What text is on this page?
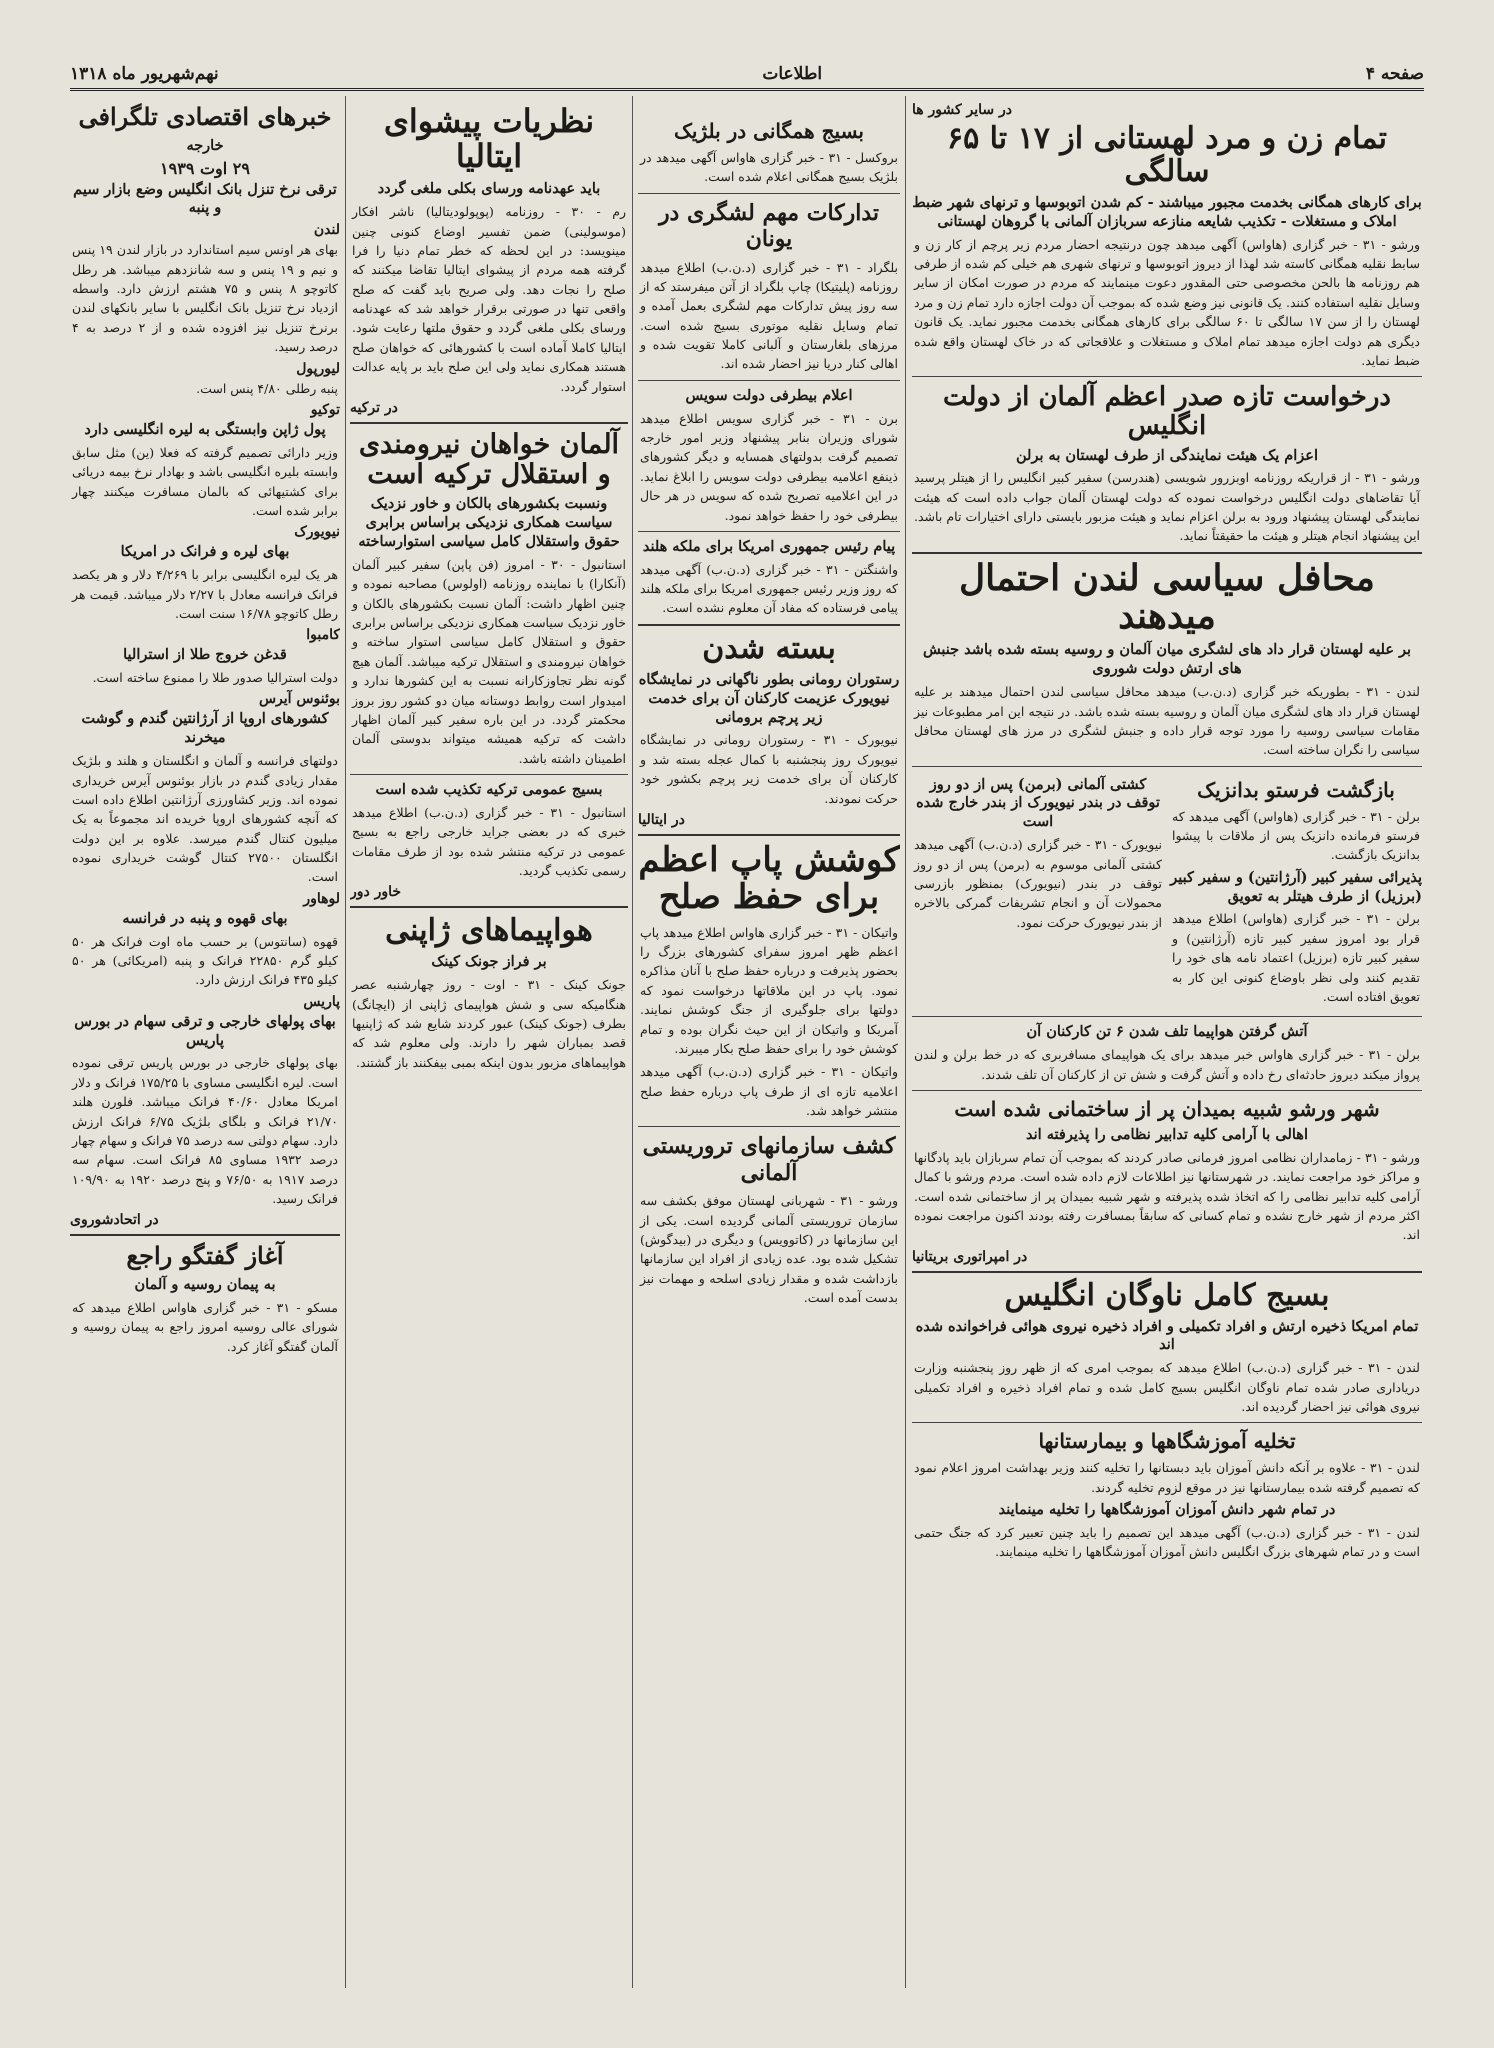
صفحه ۴
اطلاعات
نهم‌شهریور ماه ۱۳۱۸
در سایر کشور ها
تمام زن و مرد لهستانی از ۱۷ تا ۶۵ سالگی
برای کارهای همگانی بخدمت مجبور میباشند - کم شدن اتوبوسها و ترنهای شهر ضبط املاک و مستغلات - تکذیب شایعه منازعه سربازان آلمانی با گروهان لهستانی
ورشو - ۳۱ - خبر گزاری (هاواس) آگهی میدهد چون درنتیجه احضار مردم زیر پرچم از کار زن و سابط نقلیه همگانی کاسته شد لهذا از دیروز اتوبوسها و ترنهای شهری هم خیلی کم شده از طرفی هم روزنامه ها بالحن مخصوصی حتی المقدور دعوت مینمایند که مردم در صورت امکان از سایر وسایل نقلیه استفاده کنند. یک قانونی نیز وضع شده که بموجب آن دولت اجازه دارد تمام زن و مرد لهستان را از سن ۱۷ سالگی تا ۶۰ سالگی برای کارهای همگانی بخدمت مجبور نماید. یک قانون دیگری هم دولت اجازه میدهد تمام املاک و مستغلات و علاقجاتی که در خاک لهستان واقع شده ضبط نماید.
درخواست تازه صدر اعظم آلمان از دولت انگلیس
اعزام یک هیئت نمایندگی از طرف لهستان به برلن
ورشو - ۳۱ - از قراریکه روزنامه اوبزرور شویسی (هندرسن) سفیر کبیر انگلیس را از هیتلر پرسید آیا تقاضاهای دولت انگلیس درخواست نموده که دولت لهستان آلمان جواب داده است که هیئت نمایندگی لهستان پیشنهاد ورود به برلن اعزام نماید و هیئت مزبور بایستی دارای اختیارات تام باشد. این پیشنهاد انجام هیتلر و هیئت ما حقیقتاً نماید.
محافل سیاسی لندن احتمال میدهند
بر علیه لهستان قرار داد های لشگری میان آلمان و روسیه بسته شده باشد جنبش های ارتش دولت شوروی
لندن - ۳۱ - بطوریکه خبر گزاری (د.ن.ب) میدهد محافل سیاسی لندن احتمال میدهند بر علیه لهستان قرار داد های لشگری میان آلمان و روسیه بسته شده باشد. در نتیجه این امر مطبوعات نیز مقامات سیاسی روسیه را مورد توجه قرار داده و جنبش لشگری در مرز های لهستان محافل سیاسی را نگران ساخته است.
بازگشت فرستو بدانزیک
برلن - ۳۱ - خبر گزاری (هاواس) آگهی میدهد که فرستو فرمانده دانزیک پس از ملاقات با پیشوا بدانزیک بازگشت.
پذیرائی سفیر کبیر (آرژانتین) و سفیر کبیر (برزیل) از طرف هیتلر به تعویق
برلن - ۳۱ - خبر گزاری (هاواس) اطلاع میدهد قرار بود امروز سفیر کبیر تازه (آرژانتین) و سفیر کبیر تازه (برزیل) اعتماد نامه های خود را تقدیم کنند ولی نظر باوضاع کنونی این کار به تعویق افتاده است.
کشتی آلمانی (برمن) پس از دو روز توقف در بندر نیویورک از بندر خارج شده است
نیویورک - ۳۱ - خبر گزاری (د.ن.ب) آگهی میدهد کشتی آلمانی موسوم به (برمن) پس از دو روز توقف در بندر (نیویورک) بمنظور بازرسی محمولات آن و انجام تشریفات گمرکی بالاخره از بندر نیویورک حرکت نمود.
آتش گرفتن هواپیما تلف شدن ۶ تن کارکنان آن
برلن - ۳۱ - خبر گزاری هاواس خبر میدهد برای یک هواپیمای مسافربری که در خط برلن و لندن پرواز میکند دیروز حادثه‌ای رخ داده و آتش گرفت و شش تن از کارکنان آن تلف شدند.
شهر ورشو شبیه بمیدان پر از ساختمانی شده است
اهالی با آرامی کلیه تدابیر نظامی را پذیرفته اند
ورشو - ۳۱ - زمامداران نظامی امروز فرمانی صادر کردند که بموجب آن تمام سربازان باید پادگانها و مراکز خود مراجعت نمایند. در شهرستانها نیز اطلاعات لازم داده شده است. مردم ورشو با کمال آرامی کلیه تدابیر نظامی را که اتخاذ شده پذیرفته و شهر شبیه بمیدان پر از ساختمانی شده است. اکثر مردم از شهر خارج نشده و تمام کسانی که سابقاً بمسافرت رفته بودند اکنون مراجعت نموده اند.
در امپراتوری بریتانیا
بسیج کامل ناوگان انگلیس
تمام امریکا ذخیره ارتش و افراد تکمیلی و افراد ذخیره نیروی هوائی فراخوانده شده اند
لندن - ۳۱ - خبر گزاری (د.ن.ب) اطلاع میدهد که بموجب امری که از ظهر روز پنجشنبه وزارت دریاداری صادر شده تمام ناوگان انگلیس بسیج کامل شده و تمام افراد ذخیره و افراد تکمیلی نیروی هوائی نیز احضار گردیده اند.
تخلیه آموزشگاهها و بیمارستانها
لندن - ۳۱ - علاوه بر آنکه دانش آموزان باید دبستانها را تخلیه کنند وزیر بهداشت امروز اعلام نمود که تصمیم گرفته شده بیمارستانها نیز در موقع لزوم تخلیه گردند.
در تمام شهر دانش آموزان آموزشگاهها را تخلیه مینمایند
لندن - ۳۱ - خبر گزاری (د.ن.ب) آگهی میدهد این تصمیم را باید چنین تعبیر کرد که جنگ حتمی است و در تمام شهرهای بزرگ انگلیس دانش آموزان آموزشگاهها را تخلیه مینمایند.
بسیج همگانی در بلژیک
بروکسل - ۳۱ - خبر گزاری هاواس آگهی میدهد در بلژیک بسیج همگانی اعلام شده است.
تدارکات مهم لشگری در یونان
بلگراد - ۳۱ - خبر گزاری (د.ن.ب) اطلاع میدهد روزنامه (پلیتیکا) چاپ بلگراد از آتن میفرستد که از سه روز پیش تدارکات مهم لشگری بعمل آمده و تمام وسایل نقلیه موتوری بسیج شده است. مرزهای بلغارستان و آلبانی کاملا تقویت شده و اهالی کنار دریا نیز احضار شده اند.
اعلام بیطرفی دولت سویس
برن - ۳۱ - خبر گزاری سویس اطلاع میدهد شورای وزیران بنابر پیشنهاد وزیر امور خارجه تصمیم گرفت بدولتهای همسایه و دیگر کشورهای ذینفع اعلامیه بیطرفی دولت سویس را ابلاغ نماید. در این اعلامیه تصریح شده که سویس در هر حال بیطرفی خود را حفظ خواهد نمود.
پیام رئیس جمهوری امریکا برای ملکه هلند
واشنگتن - ۳۱ - خبر گزاری (د.ن.ب) آگهی میدهد که روز وزیر رئیس جمهوری امریکا برای ملکه هلند پیامی فرستاده که مفاد آن معلوم نشده است.
بسته شدن
رستوران رومانی بطور ناگهانی در نمایشگاه نیویورک عزیمت کارکنان آن برای خدمت زیر پرچم برومانی
نیویورک - ۳۱ - رستوران رومانی در نمایشگاه نیویورک روز پنجشنبه با کمال عجله بسته شد و کارکنان آن برای خدمت زیر پرچم بکشور خود حرکت نمودند.
در ایتالیا
کوشش پاپ اعظم برای حفظ صلح
واتیکان - ۳۱ - خبر گزاری هاواس اطلاع میدهد پاپ اعظم ظهر امروز سفرای کشورهای بزرگ را بحضور پذیرفت و درباره حفظ صلح با آنان مذاکره نمود. پاپ در این ملاقاتها درخواست نمود که دولتها برای جلوگیری از جنگ کوشش نمایند. آمریکا و واتیکان از این حیث نگران بوده و تمام کوشش خود را برای حفظ صلح بکار میبرند.
واتیکان - ۳۱ - خبر گزاری (د.ن.ب) آگهی میدهد اعلامیه تازه ای از طرف پاپ درباره حفظ صلح منتشر خواهد شد.
کشف سازمانهای تروریستی آلمانی
ورشو - ۳۱ - شهربانی لهستان موفق بکشف سه سازمان تروریستی آلمانی گردیده است. یکی از این سازمانها در (کاتوویس) و دیگری در (بیدگوش) تشکیل شده بود. عده زیادی از افراد این سازمانها بازداشت شده و مقدار زیادی اسلحه و مهمات نیز بدست آمده است.
نظریات پیشوای ایتالیا
باید عهدنامه ورسای بکلی ملغی گردد
رم - ۳۰ - روزنامه (پوپولودیتالیا) ناشر افکار (موسولینی) ضمن تفسیر اوضاع کنونی چنین مینویسد: در این لحظه که خطر تمام دنیا را فرا گرفته همه مردم از پیشوای ایتالیا تقاضا میکنند که صلح را نجات دهد. ولی صریح باید گفت که صلح واقعی تنها در صورتی برقرار خواهد شد که عهدنامه ورسای بکلی ملغی گردد و حقوق ملتها رعایت شود. ایتالیا کاملا آماده است با کشورهائی که خواهان صلح هستند همکاری نماید ولی این صلح باید بر پایه عدالت استوار گردد.
در ترکیه
آلمان خواهان نیرومندی و استقلال ترکیه است
ونسبت بکشورهای بالکان و خاور نزدیک سیاست همکاری نزدیکی براساس برابری حقوق واستقلال کامل سیاسی استوارساخته
استانبول - ۳۰ - امروز (فن پاپن) سفیر کبیر آلمان (آنکارا) با نماینده روزنامه (اولوس) مصاحبه نموده و چنین اظهار داشت: آلمان نسبت بکشورهای بالکان و خاور نزدیک سیاست همکاری نزدیکی براساس برابری حقوق و استقلال کامل سیاسی استوار ساخته و خواهان نیرومندی و استقلال ترکیه میباشد. آلمان هیچ گونه نظر تجاوزکارانه نسبت به این کشورها ندارد و امیدوار است روابط دوستانه میان دو کشور روز بروز محکمتر گردد. در این باره سفیر کبیر آلمان اظهار داشت که ترکیه همیشه میتواند بدوستی آلمان اطمینان داشته باشد.
بسیج عمومی ترکیه تکذیب شده است
استانبول - ۳۱ - خبر گزاری (د.ن.ب) اطلاع میدهد خبری که در بعضی جراید خارجی راجع به بسیج عمومی در ترکیه منتشر شده بود از طرف مقامات رسمی تکذیب گردید.
خاور دور
هواپیماهای ژاپنی
بر فراز جونک کینک
جونک کینک - ۳۱ - اوت - روز چهارشنبه عصر هنگامیکه سی و شش هواپیمای ژاپنی از (ایچانگ) بطرف (جونک کینک) عبور کردند شایع شد که ژاپنیها قصد بمباران شهر را دارند. ولی معلوم شد که هواپیماهای مزبور بدون اینکه بمبی بیفکنند باز گشتند.
خبرهای اقتصادی تلگرافی
خارجه
۲۹ اوت ۱۹۳۹
ترقی نرخ تنزل بانک انگلیس وضع بازار سیم و پنبه
لندن
بهای هر اونس سیم استاندارد در بازار لندن ۱۹ پنس و نیم و ۱۹ پنس و سه شانزدهم میباشد. هر رطل کاتوچو ۸ پنس و ۷۵ هشتم ارزش دارد. واسطه ازدیاد نرخ تنزیل بانک انگلیس با سایر بانکهای لندن برنرخ تنزیل نیز افزوده شده و از ۲ درصد به ۴ درصد رسید.
لیورپول
پنبه رطلی ۴/۸۰ پنس است.
توکیو
پول ژاپن وابستگی به لیره انگلیسی دارد
وزیر دارائی تصمیم گرفته که فعلا (ین) مثل سابق وابسته بلیره انگلیسی باشد و بهادار نرخ بیمه دریائی برای کشتیهائی که بالمان مسافرت میکنند چهار برابر شده است.
نیویورک
بهای لیره و فرانک در امریکا
هر یک لیره انگلیسی برابر با ۴/۲۶۹ دلار و هر یکصد فرانک فرانسه معادل با ۲/۲۷ دلار میباشد. قیمت هر رطل کاتوچو ۱۶/۷۸ سنت است.
کامبوا
قدغن خروج طلا از استرالیا
دولت استرالیا صدور طلا را ممنوع ساخته است.
بوئنوس آیرس
کشورهای اروپا از آرژانتین گندم و گوشت میخرند
دولتهای فرانسه و آلمان و انگلستان و هلند و بلژیک مقدار زیادی گندم در بازار بوئنوس آیرس خریداری نموده اند. وزیر کشاورزی آرژانتین اطلاع داده است که آنچه کشورهای اروپا خریده اند مجموعاً به یک میلیون کنتال گندم میرسد. علاوه بر این دولت انگلستان ۲۷۵۰۰ کنتال گوشت خریداری نموده است.
لوهاور
بهای قهوه و پنبه در فرانسه
قهوه (سانتوس) بر حسب ماه اوت فرانک هر ۵۰ کیلو گرم ۲۲۸۵۰ فرانک و پنبه (امریکائی) هر ۵۰ کیلو ۴۳۵ فرانک ارزش دارد.
پاریس
بهای پولهای خارجی و ترقی سهام در بورس پاریس
بهای پولهای خارجی در بورس پاریس ترقی نموده است. لیره انگلیسی مساوی با ۱۷۵/۲۵ فرانک و دلار امریکا معادل ۴۰/۶۰ فرانک میباشد. فلورن هلند ۲۱/۷۰ فرانک و بلگای بلژیک ۶/۷۵ فرانک ارزش دارد. سهام دولتی سه درصد ۷۵ فرانک و سهام چهار درصد ۱۹۳۲ مساوی ۸۵ فرانک است. سهام سه درصد ۱۹۱۷ به ۷۶/۵۰ و پنج درصد ۱۹۲۰ به ۱۰۹/۹۰ فرانک رسید.
در اتحادشوروی
آغاز گفتگو راجع
به پیمان روسیه و آلمان
مسکو - ۳۱ - خبر گزاری هاواس اطلاع میدهد که شورای عالی روسیه امروز راجع به پیمان روسیه و آلمان گفتگو آغاز کرد.
